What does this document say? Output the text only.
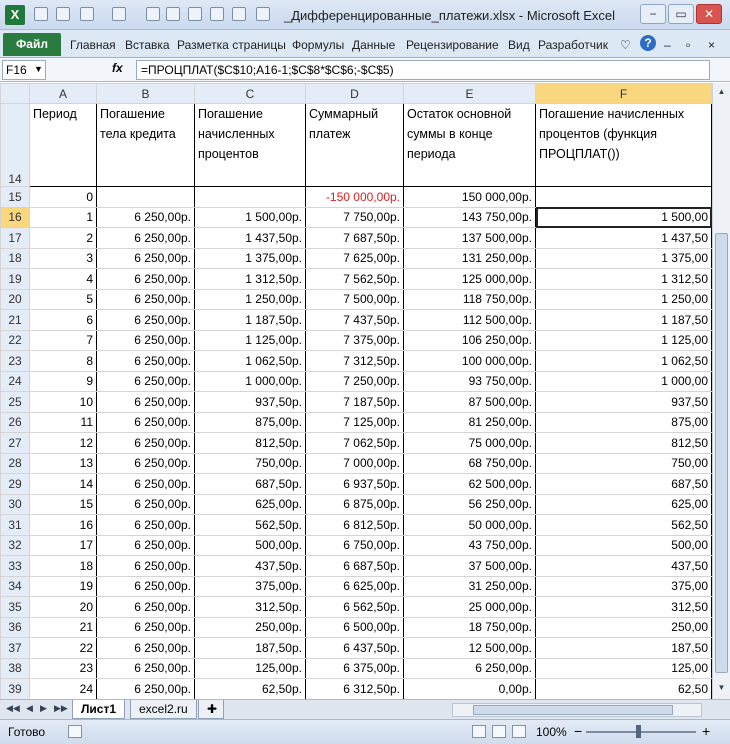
X	_Дифференцированные_платежи.xlsx - Microsoft Excel	−	▭	✕
Файл	Главная Вставка Разметка страницы Формулы Данные Рецензирование Вид Разработчик ♡	?	– ▫ ×
F16 ▼	fx	=ПРОЦПЛАТ($C$10;A16-1;$C$8*$C$6;-$C$5)
	A	B	C	D	E	F
14	Период	Погашение тела кредита	Погашение начисленных процентов	Суммарный платеж	Остаток основной суммы в конце периода	Погашение начисленных процентов (функция ПРОЦПЛАТ())
15	0			-150 000,00р.	150 000,00р.	
16	1	6 250,00р.	1 500,00р.	7 750,00р.	143 750,00р.	1 500,00
17	2	6 250,00р.	1 437,50р.	7 687,50р.	137 500,00р.	1 437,50
18	3	6 250,00р.	1 375,00р.	7 625,00р.	131 250,00р.	1 375,00
19	4	6 250,00р.	1 312,50р.	7 562,50р.	125 000,00р.	1 312,50
20	5	6 250,00р.	1 250,00р.	7 500,00р.	118 750,00р.	1 250,00
21	6	6 250,00р.	1 187,50р.	7 437,50р.	112 500,00р.	1 187,50
22	7	6 250,00р.	1 125,00р.	7 375,00р.	106 250,00р.	1 125,00
23	8	6 250,00р.	1 062,50р.	7 312,50р.	100 000,00р.	1 062,50
24	9	6 250,00р.	1 000,00р.	7 250,00р.	93 750,00р.	1 000,00
25	10	6 250,00р.	937,50р.	7 187,50р.	87 500,00р.	937,50
26	11	6 250,00р.	875,00р.	7 125,00р.	81 250,00р.	875,00
27	12	6 250,00р.	812,50р.	7 062,50р.	75 000,00р.	812,50
28	13	6 250,00р.	750,00р.	7 000,00р.	68 750,00р.	750,00
29	14	6 250,00р.	687,50р.	6 937,50р.	62 500,00р.	687,50
30	15	6 250,00р.	625,00р.	6 875,00р.	56 250,00р.	625,00
31	16	6 250,00р.	562,50р.	6 812,50р.	50 000,00р.	562,50
32	17	6 250,00р.	500,00р.	6 750,00р.	43 750,00р.	500,00
33	18	6 250,00р.	437,50р.	6 687,50р.	37 500,00р.	437,50
34	19	6 250,00р.	375,00р.	6 625,00р.	31 250,00р.	375,00
35	20	6 250,00р.	312,50р.	6 562,50р.	25 000,00р.	312,50
36	21	6 250,00р.	250,00р.	6 500,00р.	18 750,00р.	250,00
37	22	6 250,00р.	187,50р.	6 437,50р.	12 500,00р.	187,50
38	23	6 250,00р.	125,00р.	6 375,00р.	6 250,00р.	125,00
39	24	6 250,00р.	62,50р.	6 312,50р.	0,00р.	62,50

▲
▼
◀◀ ◀ ▶ ▶▶	Лист1	excel2.ru	✚
Готово	100% −	+
